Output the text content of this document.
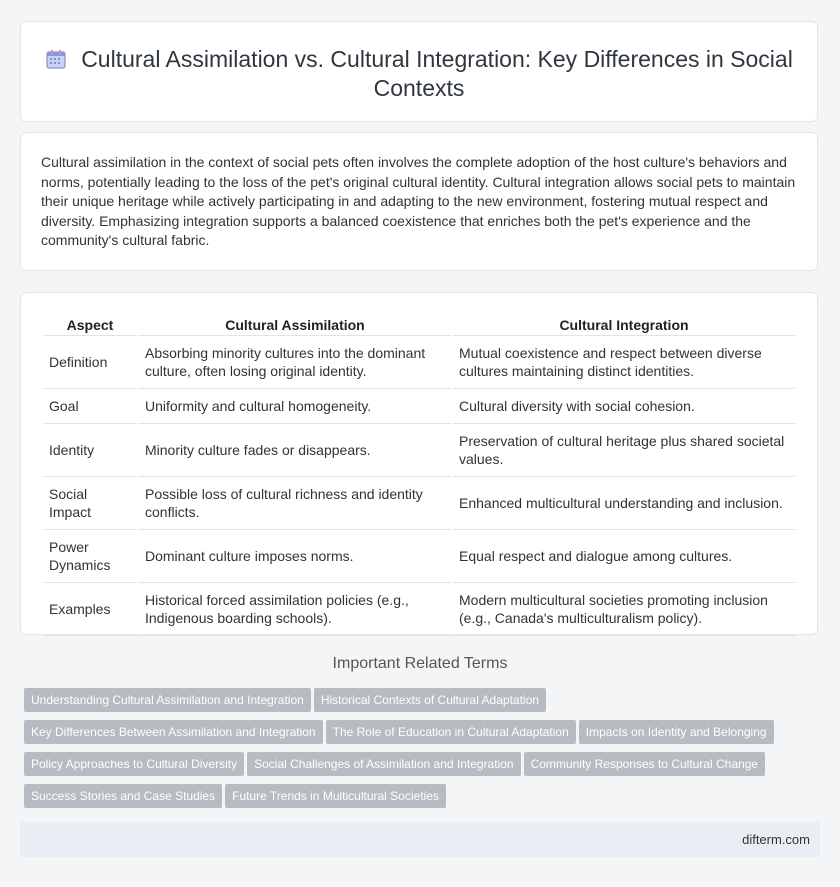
Cultural Assimilation vs. Cultural Integration: Key Differences in Social Contexts

Cultural assimilation in the context of social pets often involves the complete adoption of the host culture's behaviors and norms, potentially leading to the loss of the pet's original cultural identity. Cultural integration allows social pets to maintain their unique heritage while actively participating in and adapting to the new environment, fostering mutual respect and diversity. Emphasizing integration supports a balanced coexistence that enriches both the pet's experience and the community's cultural fabric.

Aspect	Cultural Assimilation	Cultural Integration
Definition	Absorbing minority cultures into the dominant culture, often losing original identity.	Mutual coexistence and respect between diverse cultures maintaining distinct identities.
Goal	Uniformity and cultural homogeneity.	Cultural diversity with social cohesion.
Identity	Minority culture fades or disappears.	Preservation of cultural heritage plus shared societal values.
Social Impact	Possible loss of cultural richness and identity conflicts.	Enhanced multicultural understanding and inclusion.
Power Dynamics	Dominant culture imposes norms.	Equal respect and dialogue among cultures.
Examples	Historical forced assimilation policies (e.g., Indigenous boarding schools).	Modern multicultural societies promoting inclusion (e.g., Canada's multiculturalism policy).
Important Related Terms
Understanding Cultural Assimilation and Integration Historical Contexts of Cultural Adaptation
Key Differences Between Assimilation and Integration The Role of Education in Cultural Adaptation Impacts on Identity and Belonging
Policy Approaches to Cultural Diversity Social Challenges of Assimilation and Integration Community Responses to Cultural Change
Success Stories and Case Studies Future Trends in Multicultural Societies
difterm.com
